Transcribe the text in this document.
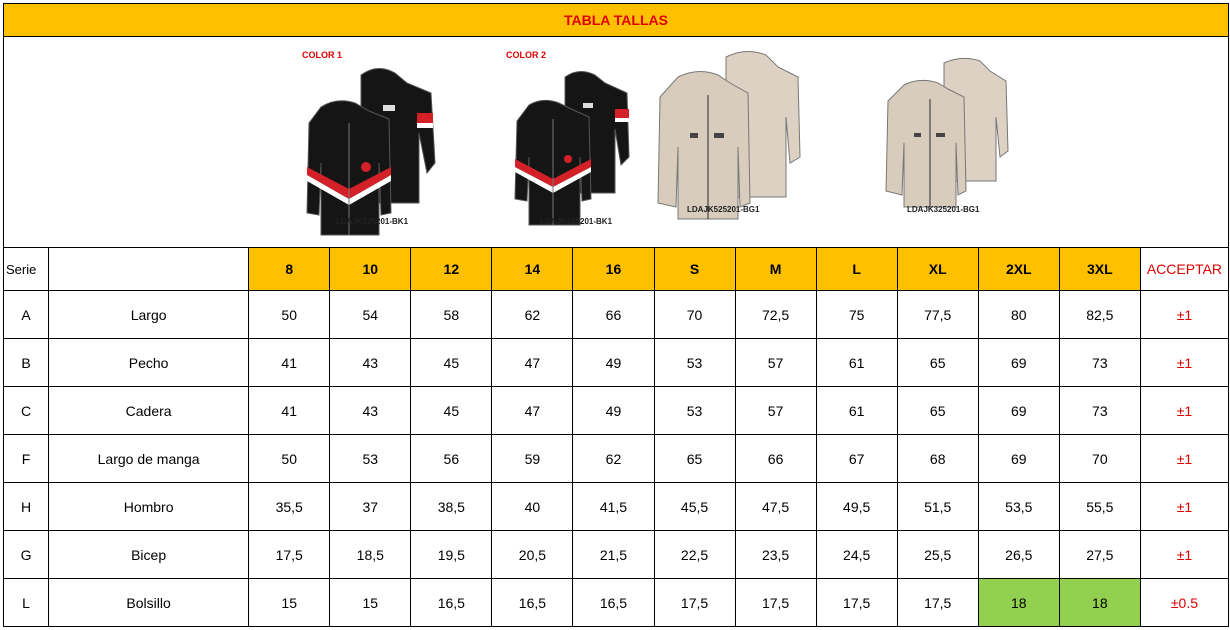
TABLA TALLAS
COLOR 1
LDAJK525201-BK1
COLOR 2
LDAJK325201-BK1
LDAJK525201-BG1	LDAJK325201-BG1
Serie		8	10	12	14	16	S	M	L	XL	2XL	3XL	ACCEPTAR
A	Largo	50	54	58	62	66	70	72,5	75	77,5	80	82,5	±1
B	Pecho	41	43	45	47	49	53	57	61	65	69	73	±1
C	Cadera	41	43	45	47	49	53	57	61	65	69	73	±1
F	Largo de manga	50	53	56	59	62	65	66	67	68	69	70	±1
H	Hombro	35,5	37	38,5	40	41,5	45,5	47,5	49,5	51,5	53,5	55,5	±1
G	Bicep	17,5	18,5	19,5	20,5	21,5	22,5	23,5	24,5	25,5	26,5	27,5	±1
L	Bolsillo	15	15	16,5	16,5	16,5	17,5	17,5	17,5	17,5	18	18	±0.5
